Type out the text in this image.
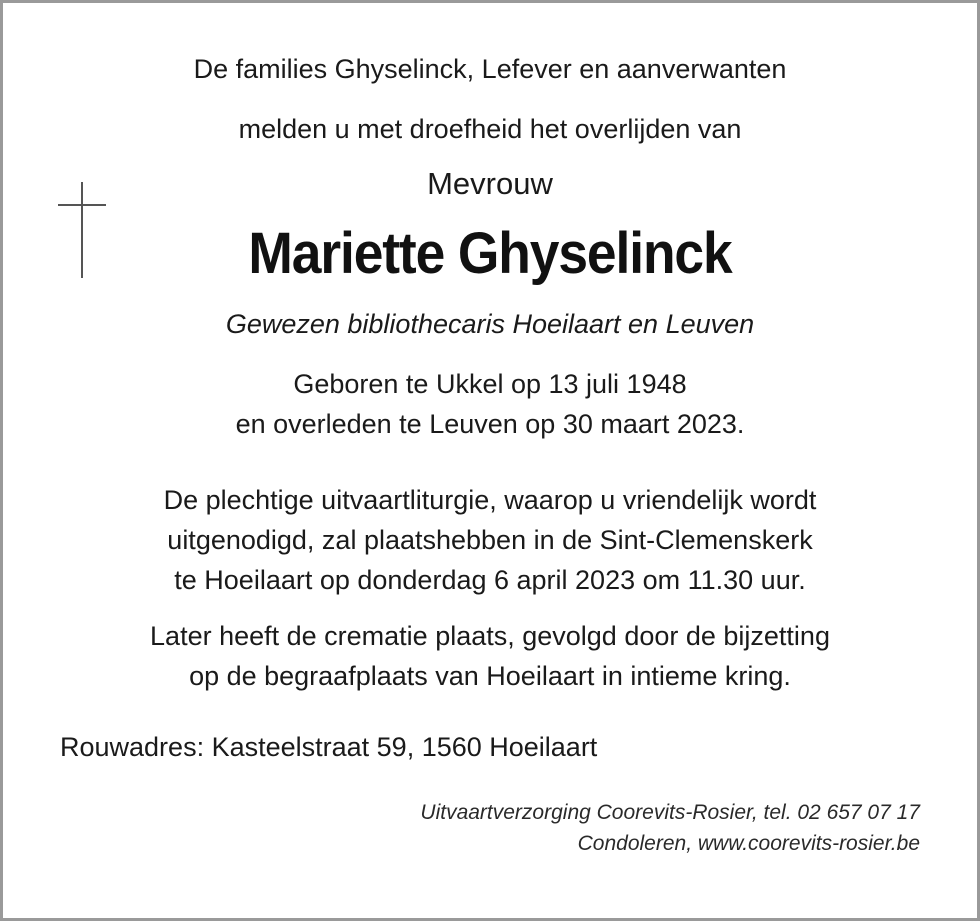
De families Ghyselinck, Lefever en aanverwanten
melden u met droefheid het overlijden van
Mevrouw
Mariette Ghyselinck
Gewezen bibliothecaris Hoeilaart en Leuven
Geboren te Ukkel op 13 juli 1948
en overleden te Leuven op 30 maart 2023.
De plechtige uitvaartliturgie, waarop u vriendelijk wordt
uitgenodigd, zal plaatshebben in de Sint-Clemenskerk
te Hoeilaart op donderdag 6 april 2023 om 11.30 uur.
Later heeft de crematie plaats, gevolgd door de bijzetting
op de begraafplaats van Hoeilaart in intieme kring.
Rouwadres: Kasteelstraat 59, 1560 Hoeilaart
Uitvaartverzorging Coorevits-Rosier, tel. 02 657 07 17
Condoleren, www.coorevits-rosier.be
